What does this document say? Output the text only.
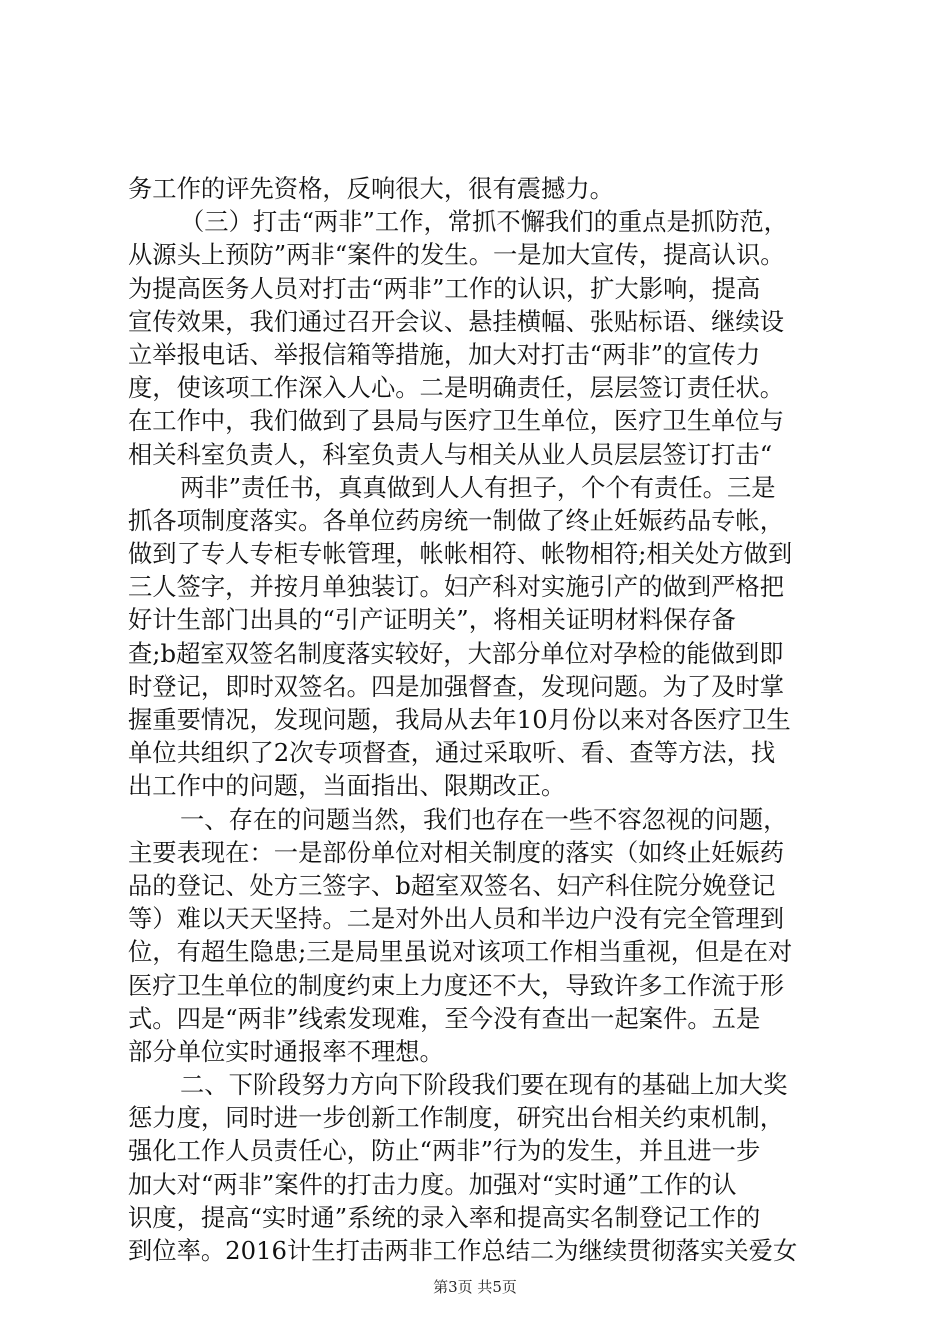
务工作的评先资格，反响很大，很有震撼力。
（三）打击“两非”工作，常抓不懈我们的重点是抓防范，
从源头上预防”两非“案件的发生。一是加大宣传，提高认识。
为提高医务人员对打击“两非”工作的认识，扩大影响，提高
宣传效果，我们通过召开会议、悬挂横幅、张贴标语、继续设
立举报电话、举报信箱等措施，加大对打击“两非”的宣传力
度，使该项工作深入人心。二是明确责任，层层签订责任状。
在工作中，我们做到了县局与医疗卫生单位，医疗卫生单位与
相关科室负责人，科室负责人与相关从业人员层层签订打击“
两非”责任书，真真做到人人有担子，个个有责任。三是
抓各项制度落实。各单位药房统一制做了终止妊娠药品专帐，
做到了专人专柜专帐管理，帐帐相符、帐物相符;相关处方做到
三人签字，并按月单独装订。妇产科对实施引产的做到严格把
好计生部门出具的“引产证明关”，将相关证明材料保存备
查;b超室双签名制度落实较好，大部分单位对孕检的能做到即
时登记，即时双签名。四是加强督查，发现问题。为了及时掌
握重要情况，发现问题，我局从去年10月份以来对各医疗卫生
单位共组织了2次专项督查，通过采取听、看、查等方法，找
出工作中的问题，当面指出、限期改正。
一、存在的问题当然，我们也存在一些不容忽视的问题，
主要表现在：一是部份单位对相关制度的落实（如终止妊娠药
品的登记、处方三签字、b超室双签名、妇产科住院分娩登记
等）难以天天坚持。二是对外出人员和半边户没有完全管理到
位，有超生隐患;三是局里虽说对该项工作相当重视，但是在对
医疗卫生单位的制度约束上力度还不大，导致许多工作流于形
式。四是“两非”线索发现难，至今没有查出一起案件。五是
部分单位实时通报率不理想。
二、下阶段努力方向下阶段我们要在现有的基础上加大奖
惩力度，同时进一步创新工作制度，研究出台相关约束机制，
强化工作人员责任心，防止“两非”行为的发生，并且进一步
加大对“两非”案件的打击力度。加强对“实时通”工作的认
识度，提高“实时通”系统的录入率和提高实名制登记工作的
到位率。2016计生打击两非工作总结二为继续贯彻落实关爱女
第3页 共5页
